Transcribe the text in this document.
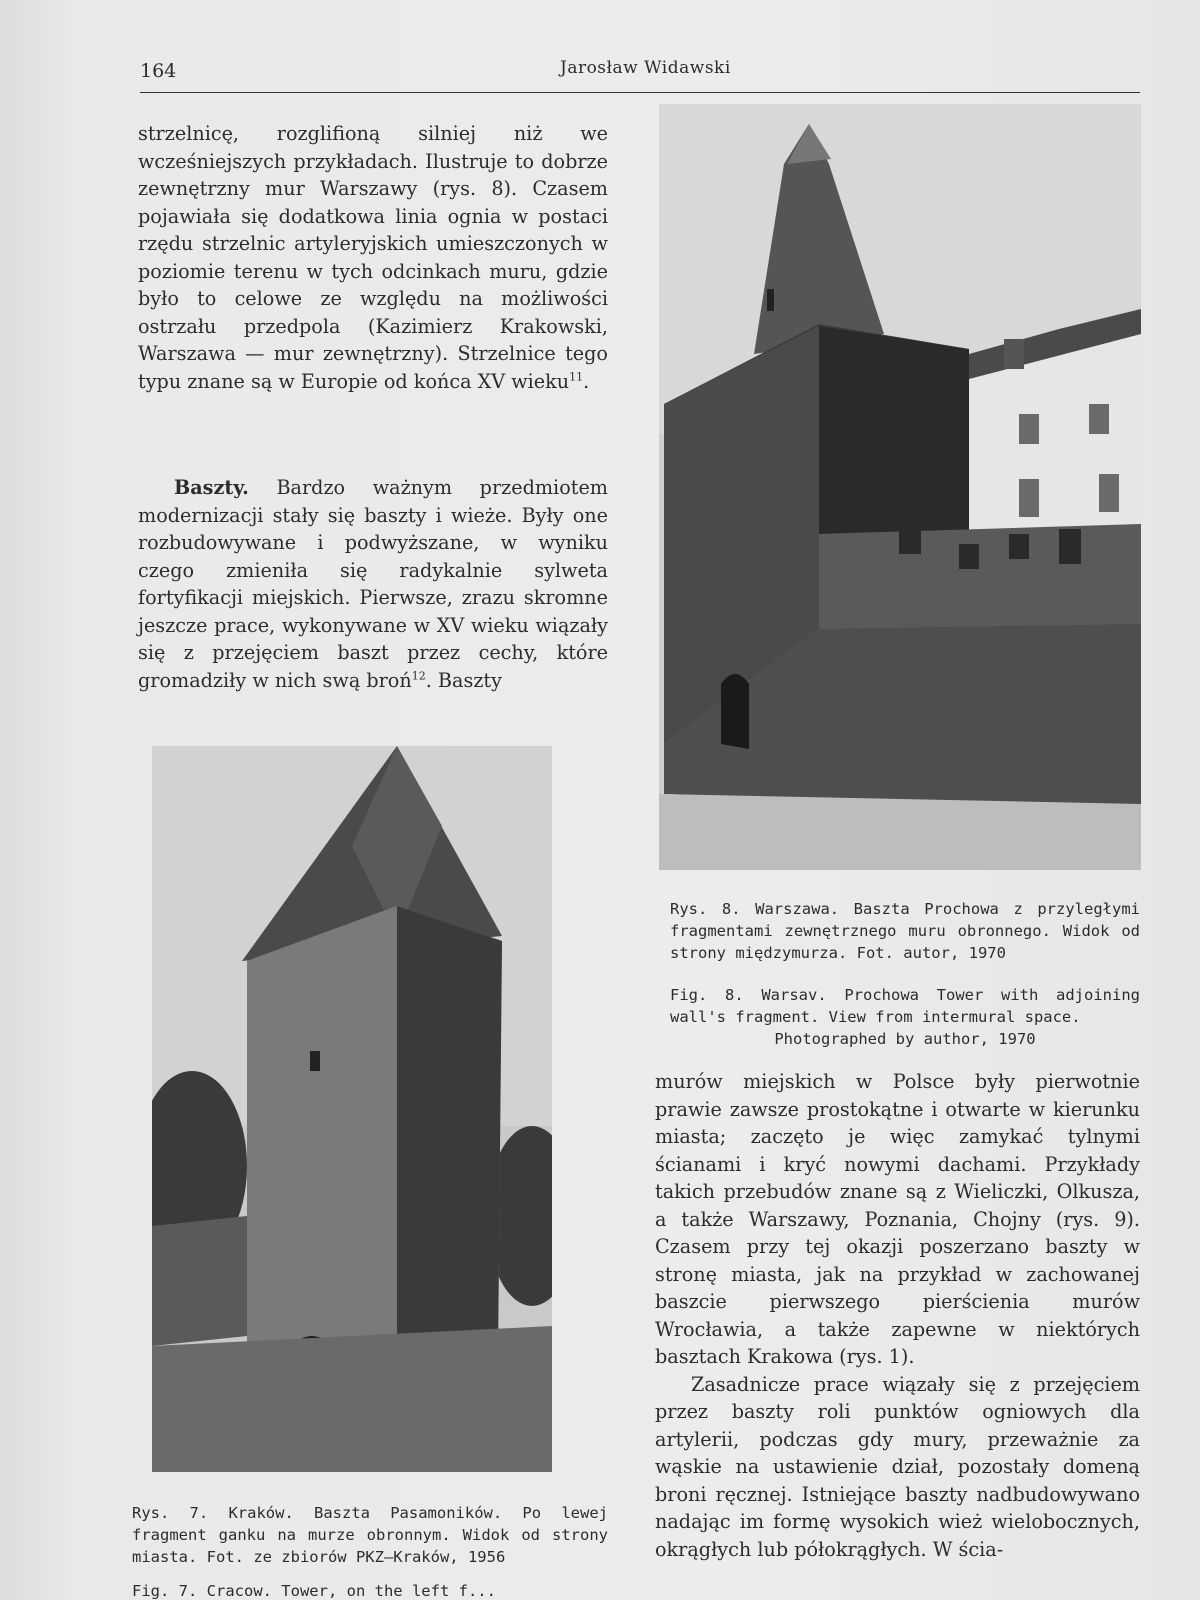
164	Jarosław Widawski

strzelnicę, rozglifioną silniej niż we wcześniejszych przykładach. Ilustruje to dobrze zewnętrzny mur Warszawy (rys. 8). Czasem pojawiała się dodatkowa linia ognia w postaci rzędu strzelnic artyleryjskich umieszczonych w poziomie terenu w tych odcinkach muru, gdzie było to celowe ze względu na możliwości ostrzału przedpola (Kazimierz Krakowski, Warszawa — mur zewnętrzny). Strzelnice tego typu znane są w Europie od końca XV wieku$^{11}$.

Baszty. Bardzo ważnym przedmiotem modernizacji stały się baszty i wieże. Były one rozbudowywane i podwyższane, w wyniku czego zmieniła się radykalnie sylweta fortyfikacji miejskich. Pierwsze, zrazu skromne jeszcze prace, wykonywane w XV wieku wiązały się z przejęciem baszt przez cechy, które gromadziły w nich swą broń$^{12}$. Baszty

Rys. 8. Warszawa. Baszta Prochowa z przyległymi fragmentami zewnętrznego muru obronnego. Widok od strony międzymurza. Fot. autor, 1970

Fig. 8. Warsav. Prochowa Tower with adjoining wall's fragment. View from intermural space.

Photographed by author, 1970

murów miejskich w Polsce były pierwotnie prawie zawsze prostokątne i otwarte w kierunku miasta; zaczęto je więc zamykać tylnymi ścianami i kryć nowymi dachami. Przykłady takich przebudów znane są z Wieliczki, Olkusza, a także Warszawy, Poznania, Chojny (rys. 9). Czasem przy tej okazji poszerzano baszty w stronę miasta, jak na przykład w zachowanej baszcie pierwszego pierścienia murów Wrocławia, a także zapewne w niektórych basztach Krakowa (rys. 1).

Zasadnicze prace wiązały się z przejęciem przez baszty roli punktów ogniowych dla artylerii, podczas gdy mury, przeważnie za wąskie na ustawienie dział, pozostały domeną broni ręcznej. Istniejące baszty nadbudowywano nadając im formę wysokich wież wielobocznych, okrągłych lub półokrągłych. W ścia-

Rys. 7. Kraków. Baszta Pasamoników. Po lewej fragment ganku na murze obronnym. Widok od strony miasta. Fot. ze zbiorów PKZ—Kraków, 1956

Fig. 7. Cracow. Tower, on the left f...
